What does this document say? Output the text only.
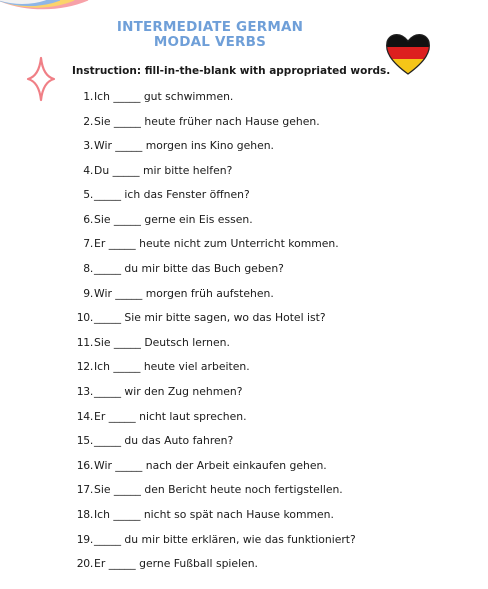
INTERMEDIATE GERMAN
MODAL VERBS
Instruction: fill-in-the-blank with appropriated words.
1.Ich _____ gut schwimmen.
2.Sie _____ heute früher nach Hause gehen.
3.Wir _____ morgen ins Kino gehen.
4.Du _____ mir bitte helfen?
5._____ ich das Fenster öffnen?
6.Sie _____ gerne ein Eis essen.
7.Er _____ heute nicht zum Unterricht kommen.
8._____ du mir bitte das Buch geben?
9.Wir _____ morgen früh aufstehen.
10._____ Sie mir bitte sagen, wo das Hotel ist?
11.Sie _____ Deutsch lernen.
12.Ich _____ heute viel arbeiten.
13._____ wir den Zug nehmen?
14.Er _____ nicht laut sprechen.
15._____ du das Auto fahren?
16.Wir _____ nach der Arbeit einkaufen gehen.
17.Sie _____ den Bericht heute noch fertigstellen.
18.Ich _____ nicht so spät nach Hause kommen.
19._____ du mir bitte erklären, wie das funktioniert?
20.Er _____ gerne Fußball spielen.
